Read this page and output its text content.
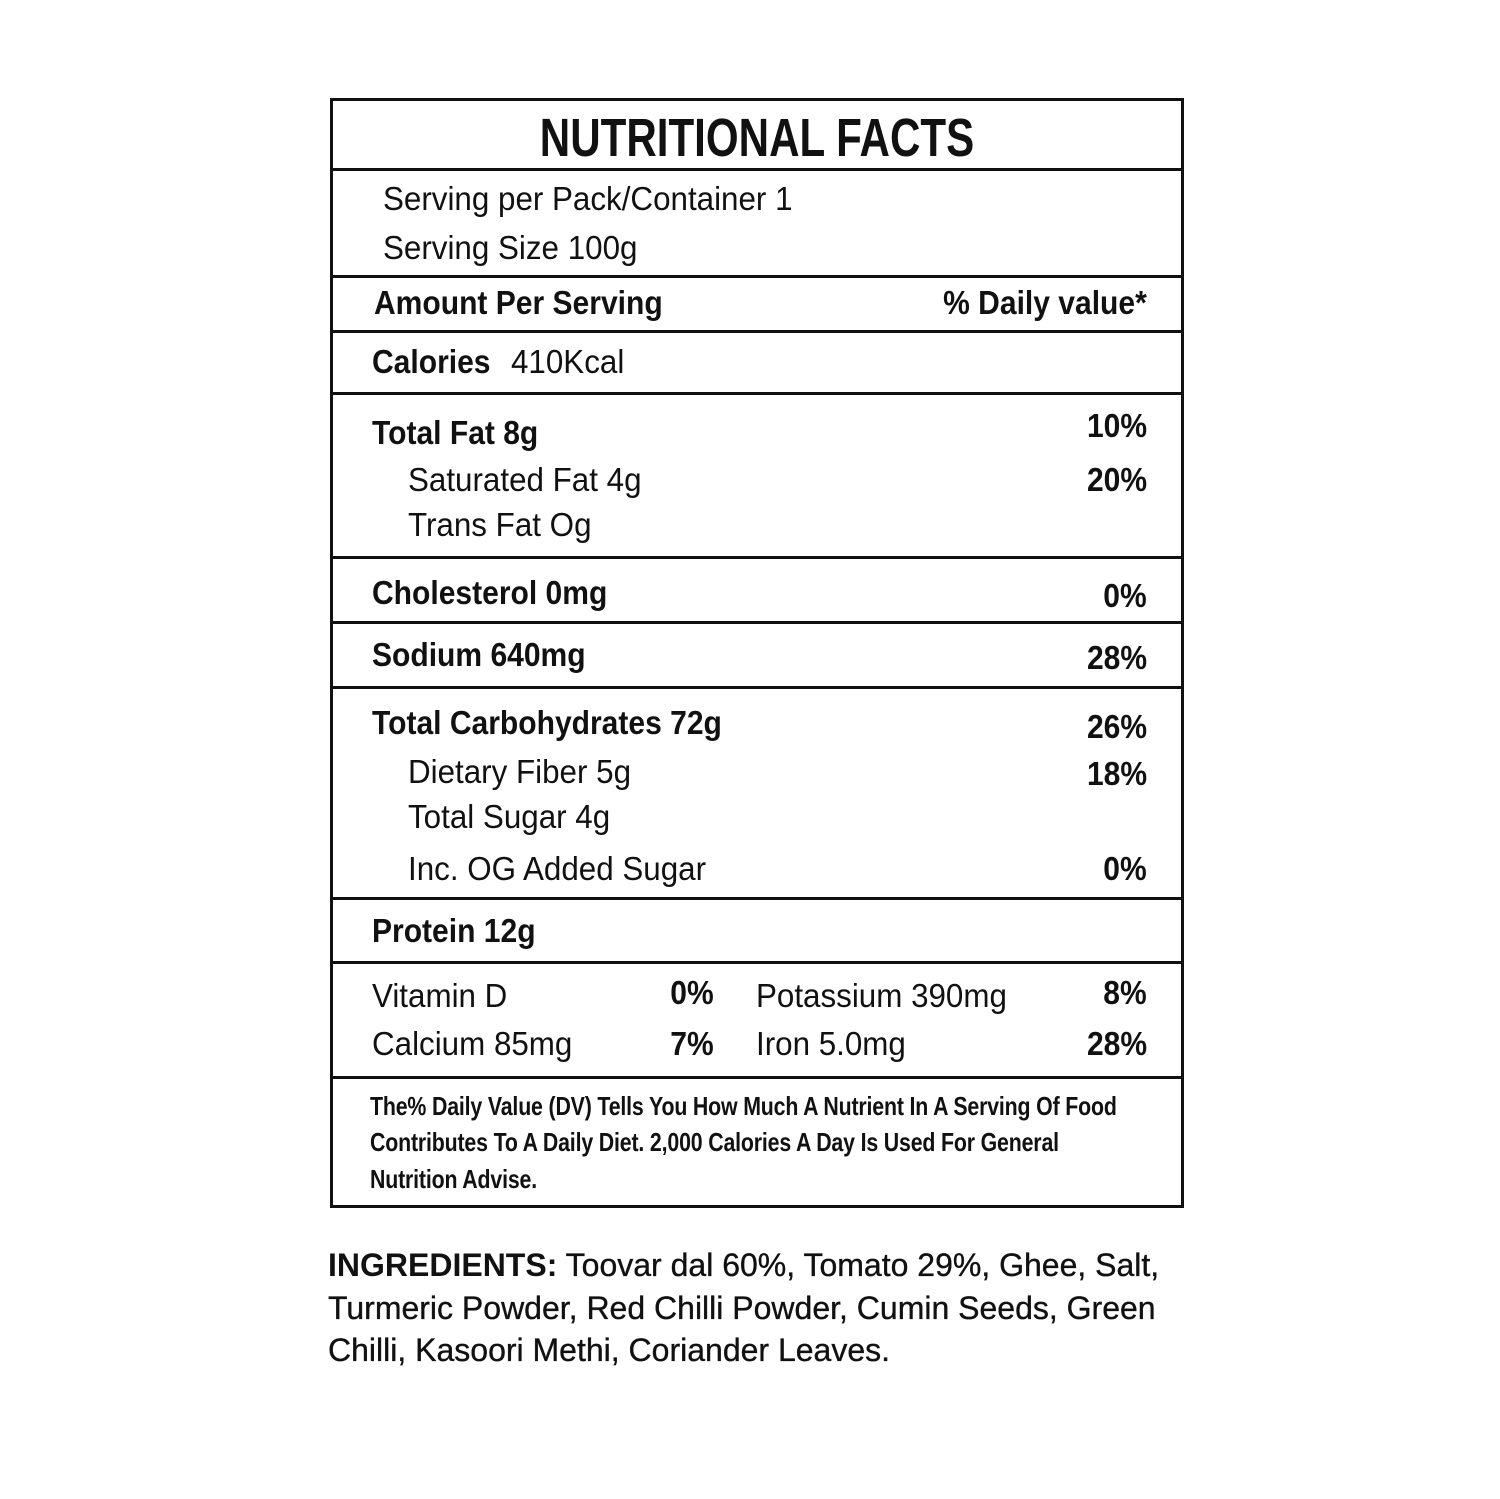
NUTRITIONAL FACTS
Serving per Pack/Container 1
Serving Size 100g
Amount Per Serving	% Daily value*
Calories 410Kcal
Total Fat 8g	10%
Saturated Fat 4g	20%
Trans Fat Og
Cholesterol 0mg	0%
Sodium 640mg	28%
Total Carbohydrates 72g	26%
Dietary Fiber 5g	18%
Total Sugar 4g
Inc. OG Added Sugar	0%
Protein 12g
Vitamin D	0% Potassium 390mg	8%
Calcium 85mg	7% Iron 5.0mg	28%
The% Daily Value (DV) Tells You How Much A Nutrient In A Serving Of Food
Contributes To A Daily Diet. 2,000 Calories A Day Is Used For General
Nutrition Advise.
INGREDIENTS: Toovar dal 60%, Tomato 29%, Ghee, Salt,
Turmeric Powder, Red Chilli Powder, Cumin Seeds, Green
Chilli, Kasoori Methi, Coriander Leaves.
